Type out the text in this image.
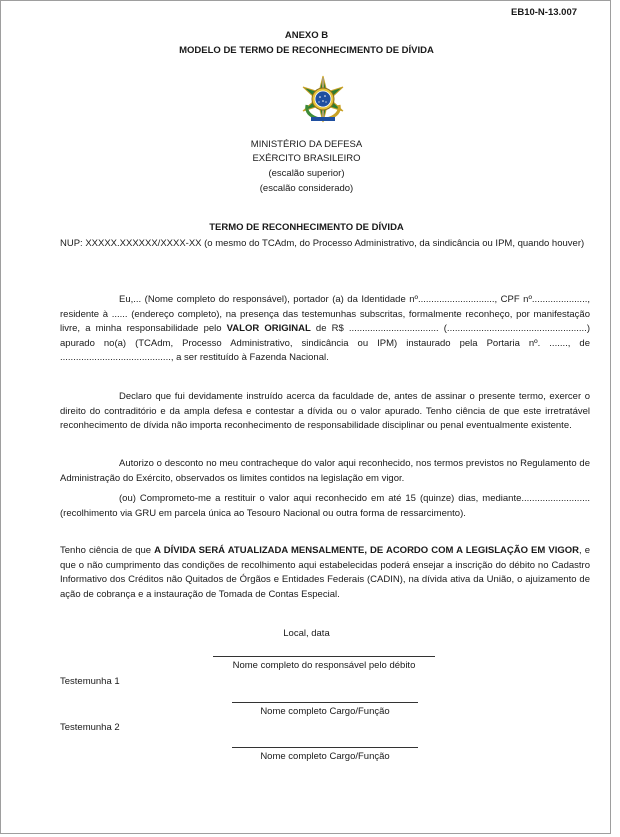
EB10-N-13.007
ANEXO B
MODELO DE TERMO DE RECONHECIMENTO DE DÍVIDA
MINISTÉRIO DA DEFESA
EXÉRCITO BRASILEIRO
(escalão superior)
(escalão considerado)
TERMO DE RECONHECIMENTO DE DÍVIDA

NUP: XXXXX.XXXXXX/XXXX-XX (o mesmo do TCAdm, do Processo Administrativo, da sindicância ou IPM, quando houver)

Eu,... (Nome completo do responsável), portador (a) da Identidade nº............................., CPF nº....................., residente à ...... (endereço completo), na presença das testemunhas subscritas, formalmente reconheço, por manifestação livre, a minha responsabilidade pelo VALOR ORIGINAL de R$ .................................. (.....................................................) apurado no(a) (TCAdm, Processo Administrativo, sindicância ou IPM) instaurado pela Portaria nº. ......., de .........................................., a ser restituído à Fazenda Nacional.

Declaro que fui devidamente instruído acerca da faculdade de, antes de assinar o presente termo, exercer o direito do contraditório e da ampla defesa e contestar a dívida ou o valor apurado. Tenho ciência de que este irretratável reconhecimento de dívida não importa reconhecimento de responsabilidade disciplinar ou penal eventualmente existente.

Autorizo o desconto no meu contracheque do valor aqui reconhecido, nos termos previstos no Regulamento de Administração do Exército, observados os limites contidos na legislação em vigor.

(ou) Comprometo-me a restituir o valor aqui reconhecido em até 15 (quinze) dias, mediante..........................(recolhimento via GRU em parcela única ao Tesouro Nacional ou outra forma de ressarcimento).

Tenho ciência de que A DÍVIDA SERÁ ATUALIZADA MENSALMENTE, DE ACORDO COM A LEGISLAÇÃO EM VIGOR, e que o não cumprimento das condições de recolhimento aqui estabelecidas poderá ensejar a inscrição do débito no Cadastro Informativo dos Créditos não Quitados de Órgãos e Entidades Federais (CADIN), na dívida ativa da União, o ajuizamento de ação de cobrança e a instauração de Tomada de Contas Especial.

Local, data
Nome completo do responsável pelo débito
Testemunha 1
Nome completo Cargo/Função
Testemunha 2
Nome completo Cargo/Função
